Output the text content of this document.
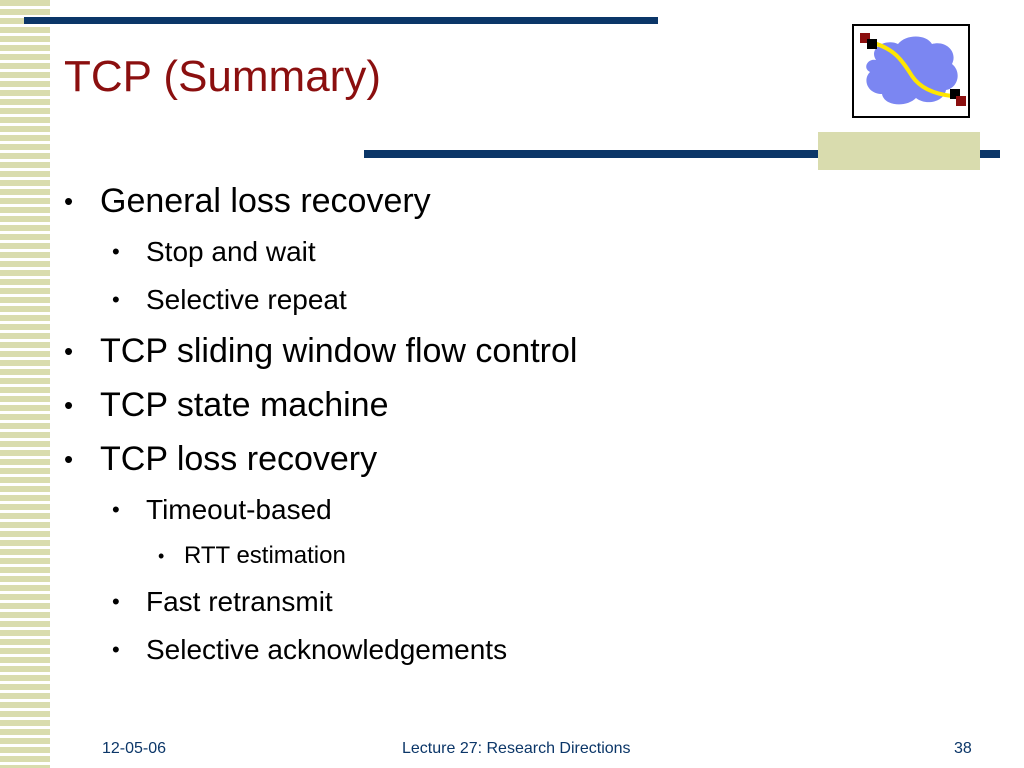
TCP (Summary)
• General loss recovery
• Stop and wait
• Selective repeat
• TCP sliding window flow control
• TCP state machine
• TCP loss recovery
• Timeout-based
• RTT estimation
• Fast retransmit
• Selective acknowledgements
12-05-06	Lecture 27: Research Directions	38
